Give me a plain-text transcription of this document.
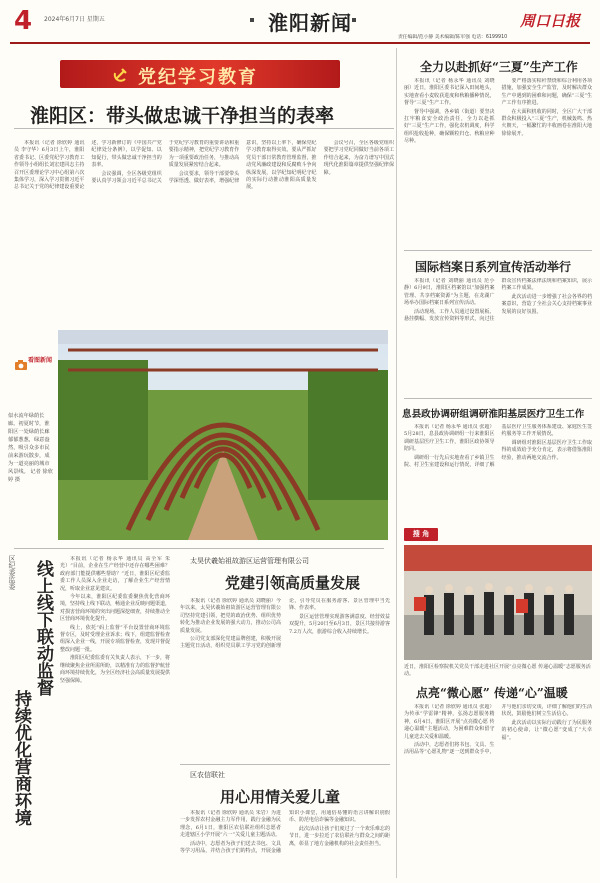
4 2024年6月7日 星期五	淮阳新闻	周口日报
责任编辑/范小静 美术编辑/陈军强 电话：6199910
党纪学习教育
淮阳区：带头做忠诚干净担当的表率

本报讯（记者 徐欣婷 通讯员 李守华）6月3日上午，淮阳省委书记、区委党纪学习教育工作领导小组组长刘宏建同志主持召开区委理论学习中心组第六次集体学习，深入学习贯彻习近平总书记关于党的纪律建设重要论述，学习新修订的《中国共产党纪律处分条例》，以学促知、以知促行，带头做忠诚干净担当的表率。

会议强调，全区各级党组织要认真学习领会习近平总书记关于党纪学习教育的重要讲话和重要指示精神，把党纪学习教育作为一项重要政治任务，与推动高质量发展紧密结合起来。

会议要求，领导干部要带头学深悟透、做好表率，增强纪律意识，坚持以上率下，确保党纪学习教育取得实效。要从严抓好党员干部日常教育管理监督，推动党风廉政建设和反腐败斗争向纵深发展，以学纪知纪明纪守纪的实际行动推动淮阳高质量发展。

会议号召，全区各级党组织要把学习党纪同做好当前各项工作结合起来，为奋力谱写中国式现代化淮阳篇章提供坚强纪律保障。

看图新闻
似水流年绿荫长廊。初夏时节，淮阳区一处绿荫长廊郁郁葱葱，绿意盎然，吸引众多市民前来游玩散步，成为一道亮丽的城市风景线。 记者 徐欣婷 摄
区纪委监委 线上线下联动监督
持续优化营商环境

本报讯（记者 杨永华 通讯员 高全军 朱光）“目前，企业在生产经营中还存在哪些困难？政府部门能提供哪些帮助？”近日，淮阳区纪委监委工作人员深入企业走访，了解企业生产经营情况，听取企业意见建议。

今年以来，淮阳区纪委监委聚焦优化营商环境，坚持线上线下联动，畅通企业反映问题渠道，对损害营商环境的突出问题深挖细查，持续推动全区营商环境优化提升。

线上，依托“码上监督”平台设置营商环境监督专区，及时受理企业诉求；线下，组建监督检查组深入企业一线，开展专项监督检查，发现并督促整改问题一批。

淮阳区纪委监委有关负责人表示，下一步，将继续聚焦企业所需所盼，以精准有力的监督护航营商环境持续优化，为全区经济社会高质量发展提供坚强保障。

太昊伏羲始祖故游区运营管理有限公司
党建引领高质量发展

本报讯（记者 徐欣婷 通讯员 刘晓丽）今年以来，太昊伏羲始祖故游区运营管理有限公司坚持党建引领，把党的政治优势、组织优势转化为推动企业发展的强大动力，推动公司高质量发展。

公司党支部深化党建品牌创建，积极开展主题党日活动，组织党员职工学习党的创新理论，引导党员在服务游客、景区管理中当先锋、作表率。

景区运营管理实现游客满意度、经营效益双提升，5月20日至6月3日，景区共接待游客7.2万人次，旅游综合收入持续增长。

区农信联社
用心用情关爱儿童

本报讯（记者 徐欣婷 通讯员 朱岩）为进一步发挥农村金融主力军作用，践行金融为民理念，6月1日，淮阳区农信联社组织志愿者走进辖区小学开展“六一”关爱儿童主题活动。

活动中，志愿者为孩子们送去书包、文具等学习用品，并结合孩子们的特点，开展金融知识小课堂，用通俗易懂的语言讲解识别假币、防范电信诈骗等金融知识。

此次活动让孩子们度过了一个欢乐难忘的节日，进一步拉近了农信联社与群众之间的距离，彰显了地方金融机构的社会责任担当。

全力以赴抓好“三夏”生产工作

本报讯（记者 杨永华 通讯员 刘晓丽）近日，淮阳区委书记深入田间地头，实地查看小麦收获进度和秋粮播种情况，督导“三夏”生产工作。

督导中强调，各乡镇（街道）要坚决扛牢粮食安全政治责任，全力以赴抓好“三夏”生产工作，强化农机调度，科学组织抢收抢种，确保颗粒归仓、秋粮应种尽种。

要严格落实秸秆禁烧和综合利用各项措施，加强安全生产监管，及时解决群众生产中遇到的困难和问题，确保“三夏”生产工作有序推进。

在大面积机收的同时，全区广大干部群众积极投入“三夏”生产，机械轰鸣、热火朝天，一幅繁忙的丰收画卷在淮阳大地徐徐展开。

国际档案日系列宣传活动举行

本报讯（记者 刘晓丽 通讯员 范小静）6月9日，淮阳区档案馆以“加强档案管理、共享档案资源”为主题，在龙湖广场举办国际档案日系列宣传活动。

活动现场，工作人员通过设置展板、悬挂横幅、发放宣传资料等形式，向过往群众宣传档案法律法规和档案知识，展示档案工作成果。

此次活动进一步增强了社会各界的档案意识，营造了全社会关心支持档案事业发展的良好氛围。

息县政协调研组调研淮阳基层医疗卫生工作

本报讯（记者 杨永华 通讯员 张超）5月28日，息县政协调研组一行来淮阳区调研基层医疗卫生工作，淮阳区政协领导陪同。

调研组一行先后实地查看了乡镇卫生院、村卫生室建设和运行情况，详细了解基层医疗卫生服务体系建设、家庭医生签约服务等工作开展情况。

调研组对淮阳区基层医疗卫生工作取得的成效给予充分肯定，表示将借鉴淮阳经验，推动两地交流合作。

搜 角
近日，淮阳区检察院机关党员干部走进社区开展“点亮微心愿 传递心温暖”志愿服务活动。
点亮“微心愿” 传递“心”温暖

本报讯（记者 徐欣婷 通讯员 张超）为传承“学雷锋”精神，弘扬志愿服务精神，6月4日，淮阳区开展“点亮微心愿 传递心温暖”主题活动，为困难群众和留守儿童送去关爱和温暖。

活动中，志愿者们将书包、文具、生活用品等“心愿礼物”逐一送到群众手中，并与他们亲切交谈，详细了解他们的生活状况，鼓励他们树立生活信心。

此次活动以实际行动践行了为民服务的初心使命，让“微心愿”变成了“大幸福”。
